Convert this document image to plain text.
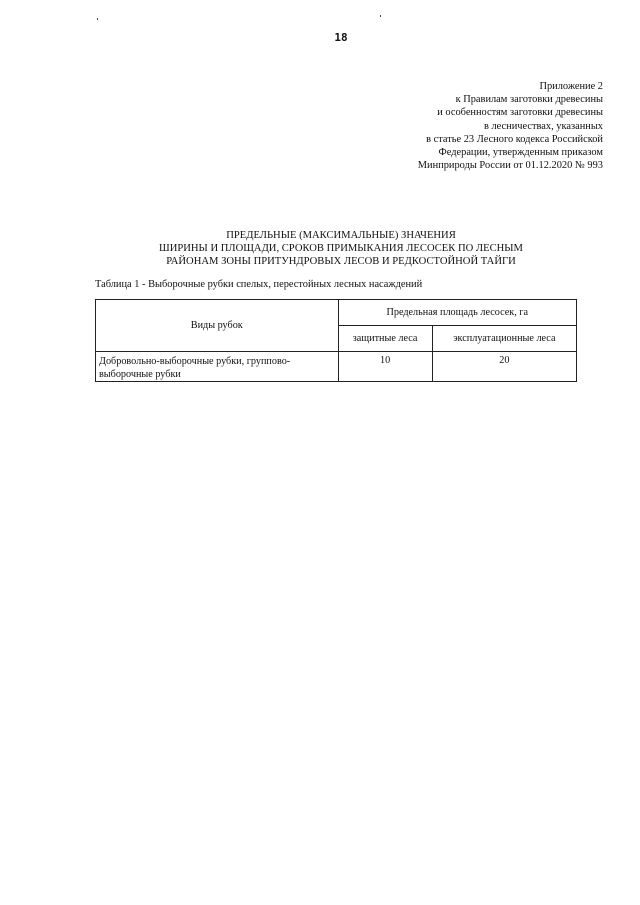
18
Приложение 2
к Правилам заготовки древесины
и особенностям заготовки древесины
в лесничествах, указанных
в статье 23 Лесного кодекса Российской
Федерации, утвержденным приказом
Минприроды России от 01.12.2020 № 993
ПРЕДЕЛЬНЫЕ (МАКСИМАЛЬНЫЕ) ЗНАЧЕНИЯ
ШИРИНЫ И ПЛОЩАДИ, СРОКОВ ПРИМЫКАНИЯ ЛЕСОСЕК ПО ЛЕСНЫМ
РАЙОНАМ ЗОНЫ ПРИТУНДРОВЫХ ЛЕСОВ И РЕДКОСТОЙНОЙ ТАЙГИ
Таблица 1 - Выборочные рубки спелых, перестойных лесных насаждений
Виды рубок	Предельная площадь лесосек, га	
	защитные леса	эксплуатационные леса
Добровольно-выборочные рубки, группово-выборочные рубки	10	20
